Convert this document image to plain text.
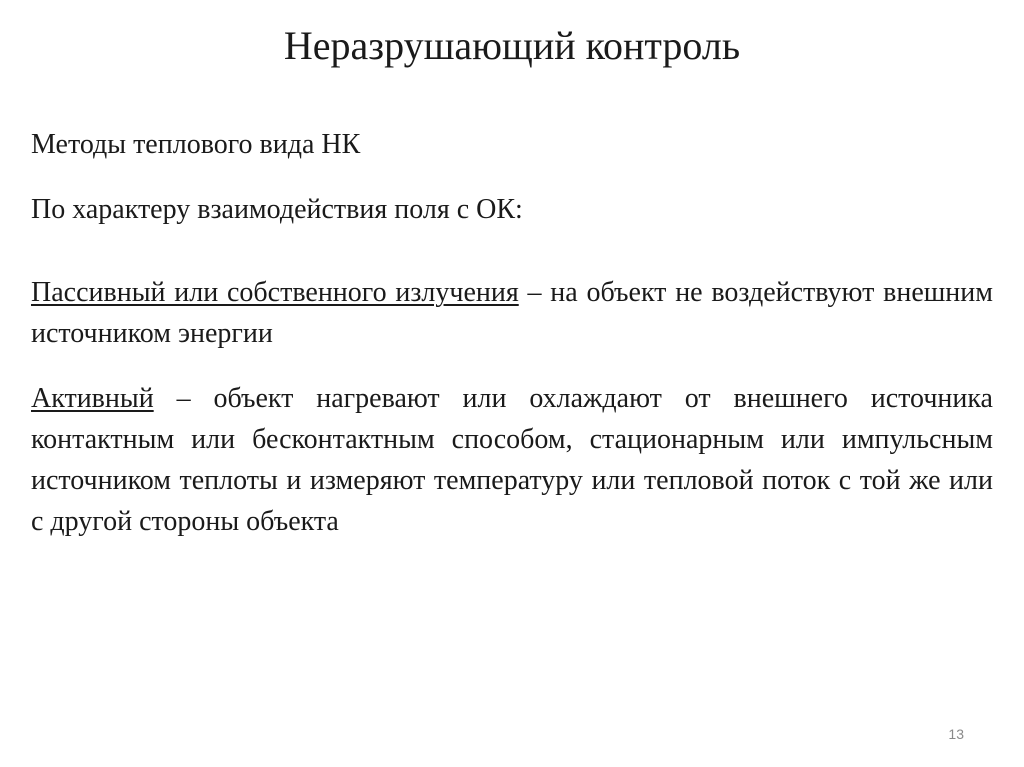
Неразрушающий контроль

Методы теплового вида НК

По характеру взаимодействия поля с ОК:

Пассивный или собственного излучения – на объект не воздействуют внешним источником энергии

Активный – объект нагревают или охлаждают от внешнего источника контактным или бесконтактным способом, стационарным или импульсным источником теплоты и измеряют температуру или тепловой поток с той же или с другой стороны объекта

13
